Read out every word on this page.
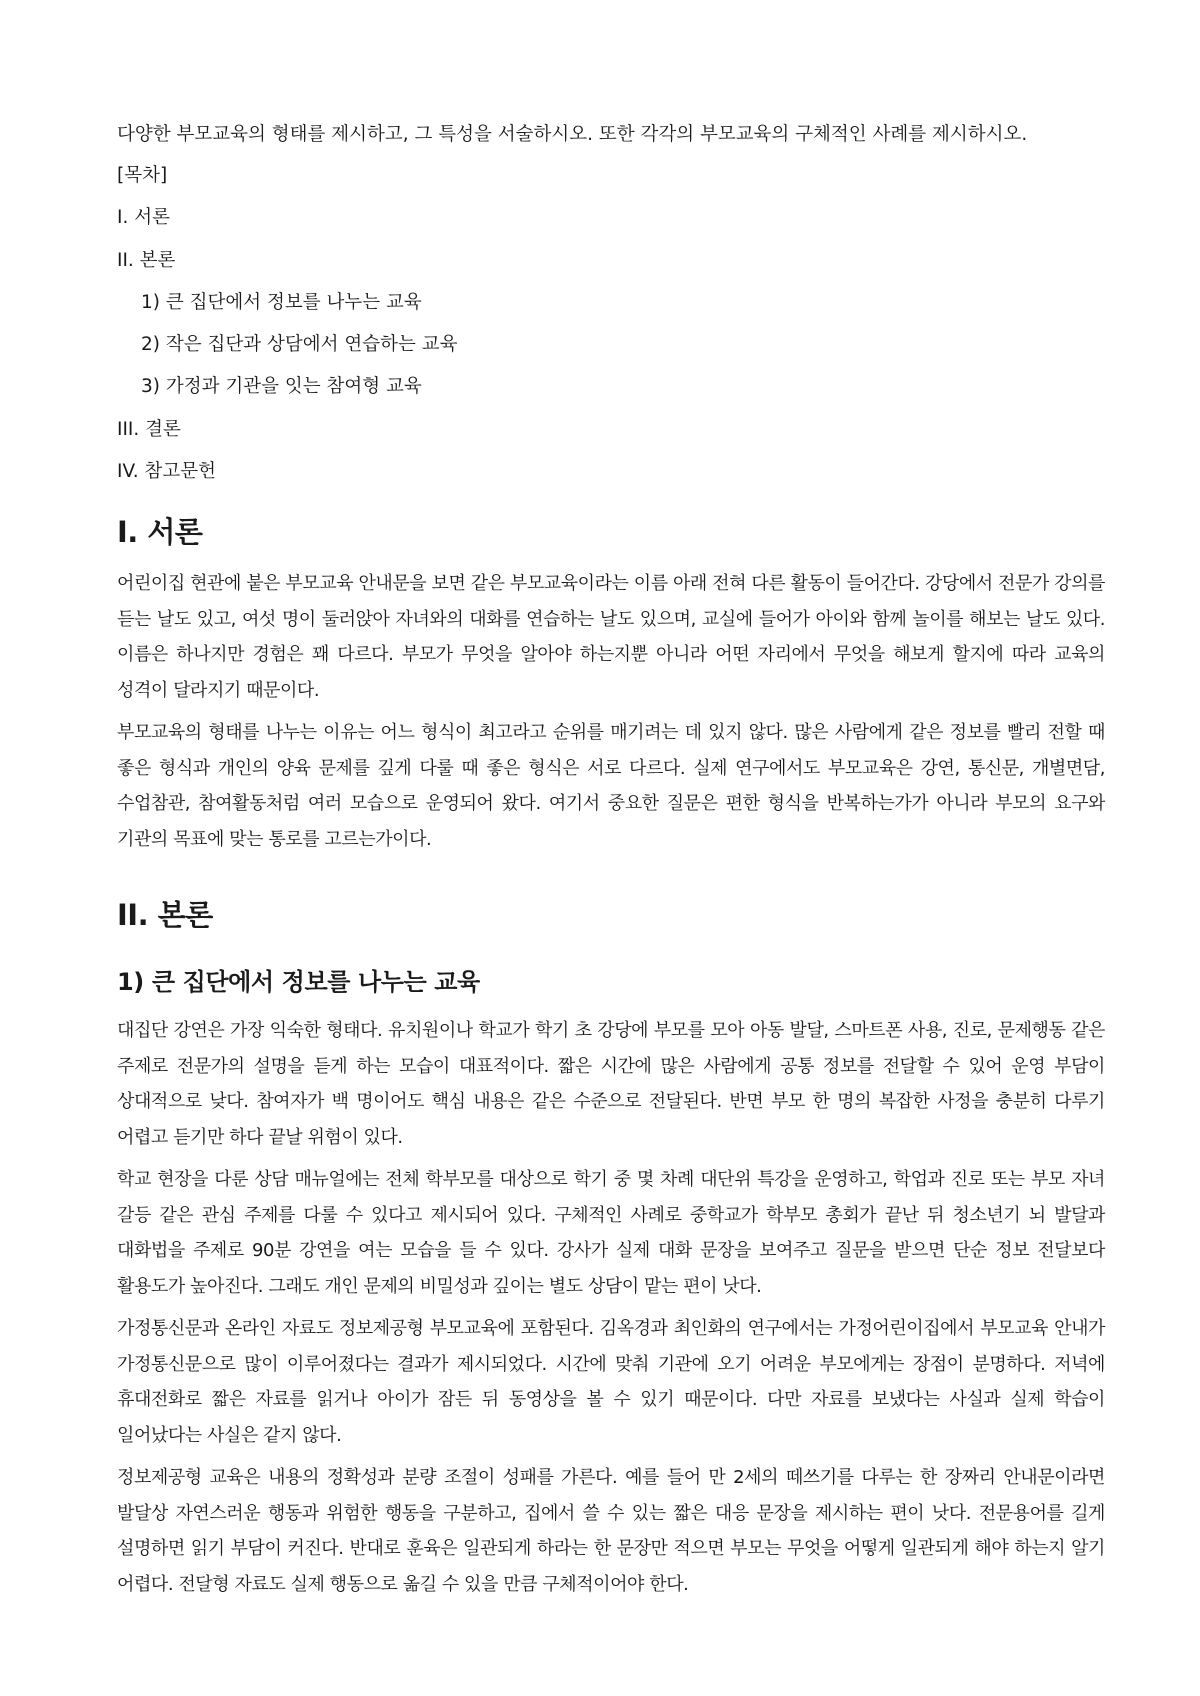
다양한 부모교육의 형태를 제시하고, 그 특성을 서술하시오. 또한 각각의 부모교육의 구체적인 사례를 제시하시오.

[목차]
I. 서론
II. 본론
1) 큰 집단에서 정보를 나누는 교육
2) 작은 집단과 상담에서 연습하는 교육
3) 가정과 기관을 잇는 참여형 교육
III. 결론
IV. 참고문헌
I. 서론

어린이집 현관에 붙은 부모교육 안내문을 보면 같은 부모교육이라는 이름 아래 전혀 다른 활동이 들어간다. 강당에서 전문가 강의를 듣는 날도 있고, 여섯 명이 둘러앉아 자녀와의 대화를 연습하는 날도 있으며, 교실에 들어가 아이와 함께 놀이를 해보는 날도 있다. 이름은 하나지만 경험은 꽤 다르다. 부모가 무엇을 알아야 하는지뿐 아니라 어떤 자리에서 무엇을 해보게 할지에 따라 교육의 성격이 달라지기 때문이다.

부모교육의 형태를 나누는 이유는 어느 형식이 최고라고 순위를 매기려는 데 있지 않다. 많은 사람에게 같은 정보를 빨리 전할 때 좋은 형식과 개인의 양육 문제를 깊게 다룰 때 좋은 형식은 서로 다르다. 실제 연구에서도 부모교육은 강연, 통신문, 개별면담, 수업참관, 참여활동처럼 여러 모습으로 운영되어 왔다. 여기서 중요한 질문은 편한 형식을 반복하는가가 아니라 부모의 요구와 기관의 목표에 맞는 통로를 고르는가이다.

II. 본론
1) 큰 집단에서 정보를 나누는 교육

대집단 강연은 가장 익숙한 형태다. 유치원이나 학교가 학기 초 강당에 부모를 모아 아동 발달, 스마트폰 사용, 진로, 문제행동 같은 주제로 전문가의 설명을 듣게 하는 모습이 대표적이다. 짧은 시간에 많은 사람에게 공통 정보를 전달할 수 있어 운영 부담이 상대적으로 낮다. 참여자가 백 명이어도 핵심 내용은 같은 수준으로 전달된다. 반면 부모 한 명의 복잡한 사정을 충분히 다루기 어렵고 듣기만 하다 끝날 위험이 있다.

학교 현장을 다룬 상담 매뉴얼에는 전체 학부모를 대상으로 학기 중 몇 차례 대단위 특강을 운영하고, 학업과 진로 또는 부모 자녀 갈등 같은 관심 주제를 다룰 수 있다고 제시되어 있다. 구체적인 사례로 중학교가 학부모 총회가 끝난 뒤 청소년기 뇌 발달과 대화법을 주제로 90분 강연을 여는 모습을 들 수 있다. 강사가 실제 대화 문장을 보여주고 질문을 받으면 단순 정보 전달보다 활용도가 높아진다. 그래도 개인 문제의 비밀성과 깊이는 별도 상담이 맡는 편이 낫다.

가정통신문과 온라인 자료도 정보제공형 부모교육에 포함된다. 김옥경과 최인화의 연구에서는 가정어린이집에서 부모교육 안내가 가정통신문으로 많이 이루어졌다는 결과가 제시되었다. 시간에 맞춰 기관에 오기 어려운 부모에게는 장점이 분명하다. 저녁에 휴대전화로 짧은 자료를 읽거나 아이가 잠든 뒤 동영상을 볼 수 있기 때문이다. 다만 자료를 보냈다는 사실과 실제 학습이 일어났다는 사실은 같지 않다.

정보제공형 교육은 내용의 정확성과 분량 조절이 성패를 가른다. 예를 들어 만 2세의 떼쓰기를 다루는 한 장짜리 안내문이라면 발달상 자연스러운 행동과 위험한 행동을 구분하고, 집에서 쓸 수 있는 짧은 대응 문장을 제시하는 편이 낫다. 전문용어를 길게 설명하면 읽기 부담이 커진다. 반대로 훈육은 일관되게 하라는 한 문장만 적으면 부모는 무엇을 어떻게 일관되게 해야 하는지 알기 어렵다. 전달형 자료도 실제 행동으로 옮길 수 있을 만큼 구체적이어야 한다.
